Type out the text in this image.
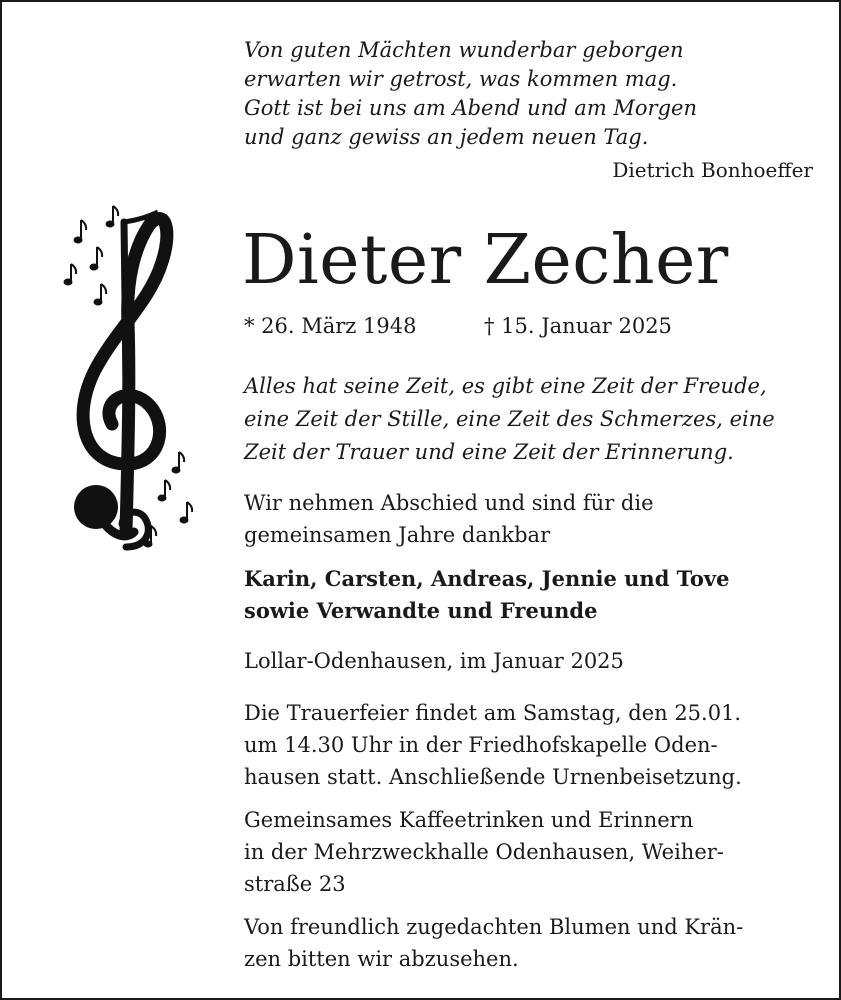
Von guten Mächten wunderbar geborgen
erwarten wir getrost, was kommen mag.
Gott ist bei uns am Abend und am Morgen
und ganz gewiss an jedem neuen Tag.
Dietrich Bonhoeffer
Dieter Zecher
* 26. März 1948	† 15. Januar 2025
Alles hat seine Zeit, es gibt eine Zeit der Freude,
eine Zeit der Stille, eine Zeit des Schmerzes, eine
Zeit der Trauer und eine Zeit der Erinnerung.
Wir nehmen Abschied und sind für die
gemeinsamen Jahre dankbar
Karin, Carsten, Andreas, Jennie und Tove
sowie Verwandte und Freunde
Lollar-Odenhausen, im Januar 2025
Die Trauerfeier findet am Samstag, den 25.01.
um 14.30 Uhr in der Friedhofskapelle Oden-
hausen statt. Anschließende Urnenbeisetzung.
Gemeinsames Kaffeetrinken und Erinnern
in der Mehrzweckhalle Odenhausen, Weiher-
straße 23
Von freundlich zugedachten Blumen und Krän-
zen bitten wir abzusehen.
